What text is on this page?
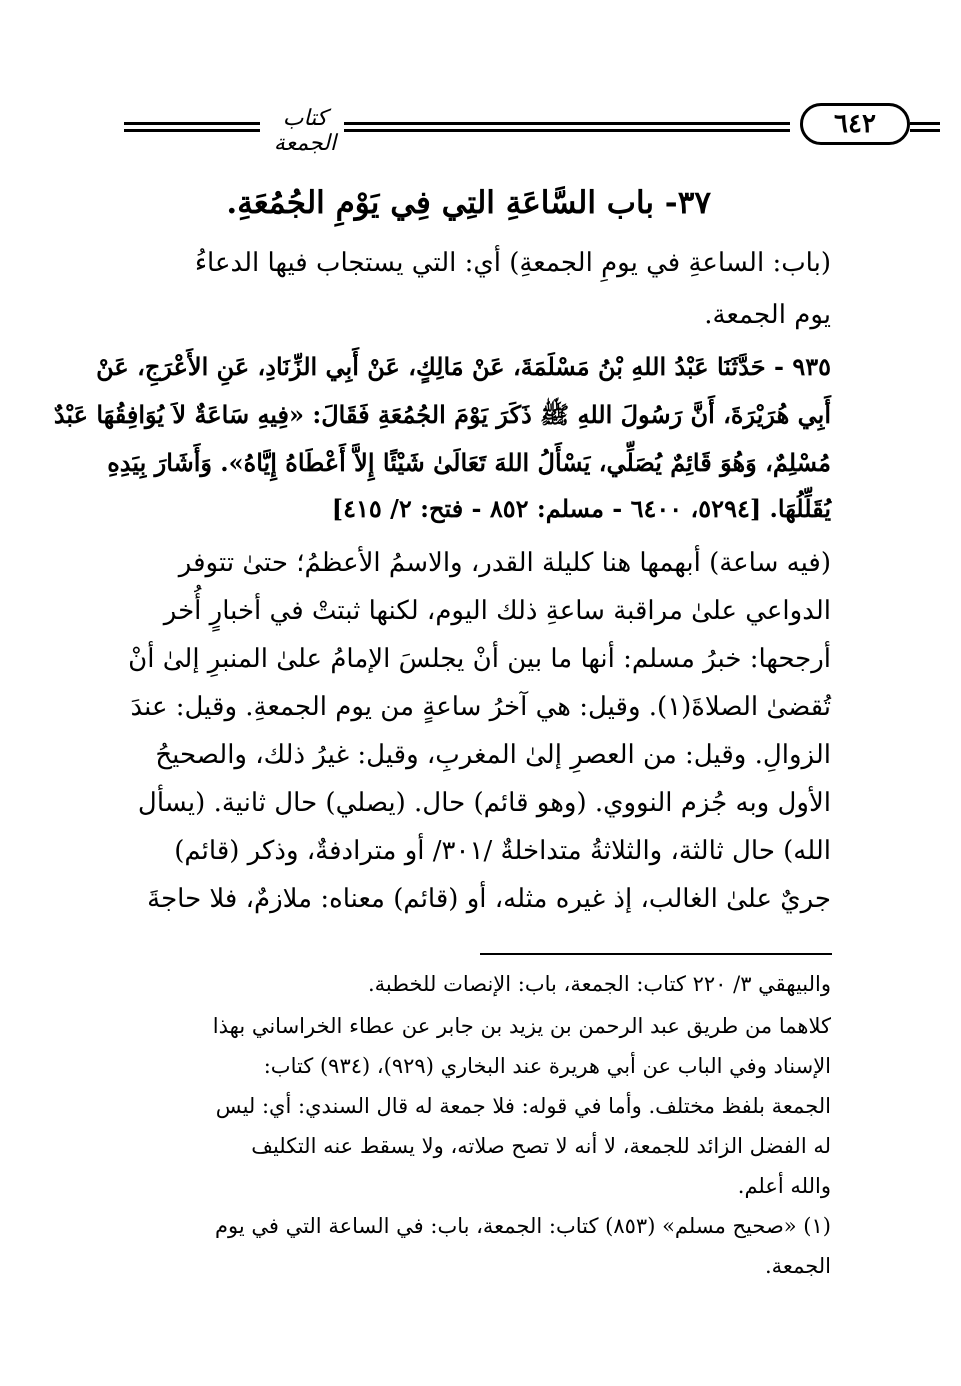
كتاب الجمعة
٦٤٢
٣٧- باب السَّاعَةِ التِي فِي يَوْمِ الجُمُعَةِ.
(باب: الساعةِ في يومِ الجمعةِ) أي: التي يستجاب فيها الدعاءُ
يوم الجمعة.
٩٣٥ - حَدَّثَنَا عَبْدُ اللهِ بْنُ مَسْلَمَةَ، عَنْ مَالِكٍ، عَنْ أَبِي الزِّنَادِ، عَنِ الأَعْرَجِ، عَنْ
أَبِي هُرَيْرَةَ، أَنَّ رَسُولَ اللهِ ﷺ ذَكَرَ يَوْمَ الجُمُعَةِ فَقَالَ: «فِيهِ سَاعَةٌ لاَ يُوَافِقُهَا عَبْدٌ
مُسْلِمٌ، وَهُوَ قَائِمٌ يُصَلِّي، يَسْأَلُ اللهَ تَعَالَىٰ شَيْئًا إِلاَّ أَعْطَاهُ إِيَّاهُ». وَأَشَارَ بِيَدِهِ
يُقَلِّلُهَا. [٥٢٩٤، ٦٤٠٠ - مسلم: ٨٥٢ - فتح: ٢/ ٤١٥]
(فيه ساعة) أبهمها هنا كليلة القدر، والاسمُ الأعظمُ؛ حتىٰ تتوفر
الدواعي علىٰ مراقبة ساعةِ ذلك اليوم، لكنها ثبتتْ في أخبارٍ أُخر
أرجحها: خبرُ مسلم: أنها ما بين أنْ يجلسَ الإمامُ علىٰ المنبرِ إلىٰ أنْ
تُقضىٰ الصلاةَ(١). وقيل: هي آخرُ ساعةٍ من يوم الجمعةِ. وقيل: عندَ
الزوالِ. وقيل: من العصرِ إلىٰ المغربِ، وقيل: غيرُ ذلك، والصحيحُ
الأول وبه جُزم النووي. (وهو قائم) حال. (يصلي) حال ثانية. (يسأل
الله) حال ثالثة، والثلاثةُ متداخلةٌ /٣٠١/ أو مترادفةٌ، وذكر (قائم)
جريٌ علىٰ الغالب، إذ غيره مثله، أو (قائم) معناه: ملازمٌ، فلا حاجةَ
والبيهقي ٣/ ٢٢٠ كتاب: الجمعة، باب: الإنصات للخطبة.
كلاهما من طريق عبد الرحمن بن يزيد بن جابر عن عطاء الخراساني بهذا
الإسناد وفي الباب عن أبي هريرة عند البخاري (٩٢٩)، (٩٣٤) كتاب:
الجمعة بلفظ مختلف. وأما في قوله: فلا جمعة له قال السندي: أي: ليس
له الفضل الزائد للجمعة، لا أنه لا تصح صلاته، ولا يسقط عنه التكليف
والله أعلم.
(١) «صحيح مسلم» (٨٥٣) كتاب: الجمعة، باب: في الساعة التي في يوم
الجمعة.
